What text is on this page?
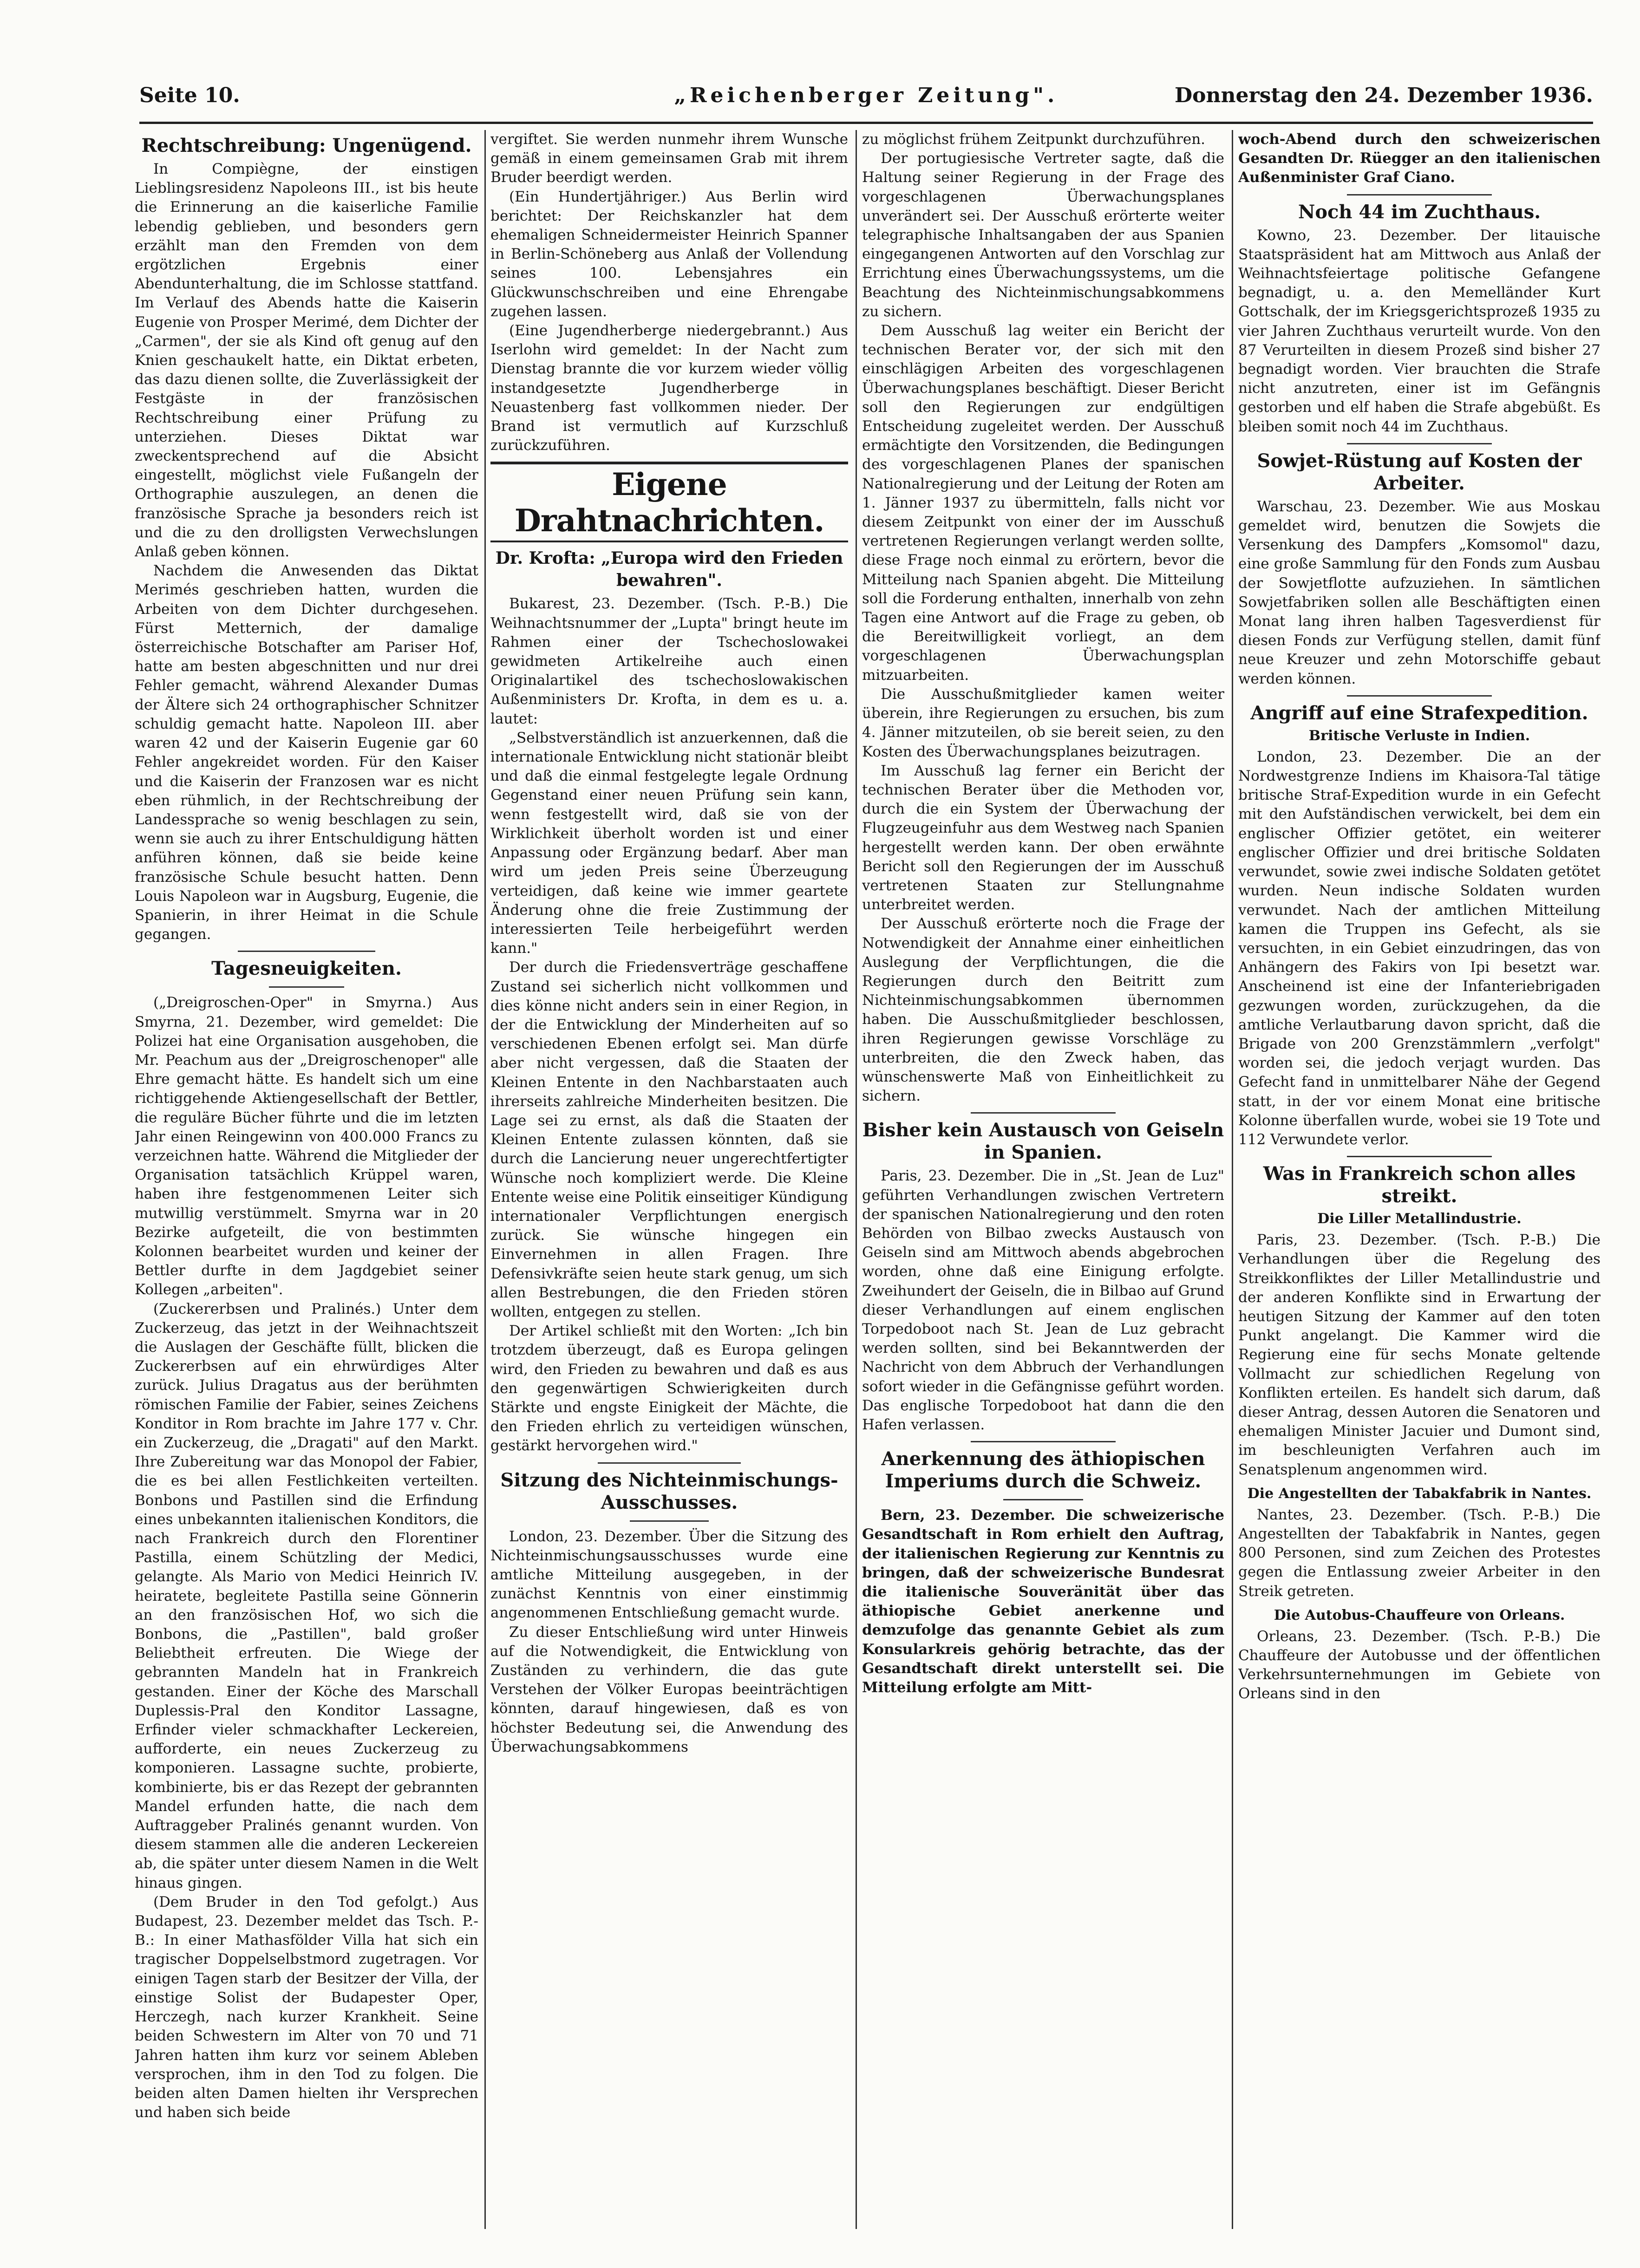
Seite 10.	„Reichenberger Zeitung".	Donnerstag den 24. Dezember 1936.
Rechtschreibung: Ungenügend.

In Compiègne, der einstigen Lieblingsresidenz Napoleons III., ist bis heute die Erinnerung an die kaiserliche Familie lebendig geblieben, und besonders gern erzählt man den Fremden von dem ergötzlichen Ergebnis einer Abendunterhaltung, die im Schlosse stattfand. Im Verlauf des Abends hatte die Kaiserin Eugenie von Prosper Merimé, dem Dichter der „Carmen", der sie als Kind oft genug auf den Knien geschaukelt hatte, ein Diktat erbeten, das dazu dienen sollte, die Zuverlässigkeit der Festgäste in der französischen Rechtschreibung einer Prüfung zu unterziehen. Dieses Diktat war zweckentsprechend auf die Absicht eingestellt, möglichst viele Fußangeln der Orthographie auszulegen, an denen die französische Sprache ja besonders reich ist und die zu den drolligsten Verwechslungen Anlaß geben können.

Nachdem die Anwesenden das Diktat Merimés geschrieben hatten, wurden die Arbeiten von dem Dichter durchgesehen. Fürst Metternich, der damalige österreichische Botschafter am Pariser Hof, hatte am besten abgeschnitten und nur drei Fehler gemacht, während Alexander Dumas der Ältere sich 24 orthographischer Schnitzer schuldig gemacht hatte. Napoleon III. aber waren 42 und der Kaiserin Eugenie gar 60 Fehler angekreidet worden. Für den Kaiser und die Kaiserin der Franzosen war es nicht eben rühmlich, in der Rechtschreibung der Landessprache so wenig beschlagen zu sein, wenn sie auch zu ihrer Entschuldigung hätten anführen können, daß sie beide keine französische Schule besucht hatten. Denn Louis Napoleon war in Augsburg, Eugenie, die Spanierin, in ihrer Heimat in die Schule gegangen.

Tagesneuigkeiten.

(„Dreigroschen-Oper" in Smyrna.) Aus Smyrna, 21. Dezember, wird gemeldet: Die Polizei hat eine Organisation ausgehoben, die Mr. Peachum aus der „Dreigroschenoper" alle Ehre gemacht hätte. Es handelt sich um eine richtiggehende Aktiengesellschaft der Bettler, die reguläre Bücher führte und die im letzten Jahr einen Reingewinn von 400.000 Francs zu verzeichnen hatte. Während die Mitglieder der Organisation tatsächlich Krüppel waren, haben ihre festgenommenen Leiter sich mutwillig verstümmelt. Smyrna war in 20 Bezirke aufgeteilt, die von bestimmten Kolonnen bearbeitet wurden und keiner der Bettler durfte in dem Jagdgebiet seiner Kollegen „arbeiten".

(Zuckererbsen und Pralinés.) Unter dem Zuckerzeug, das jetzt in der Weihnachtszeit die Auslagen der Geschäfte füllt, blicken die Zuckererbsen auf ein ehrwürdiges Alter zurück. Julius Dragatus aus der berühmten römischen Familie der Fabier, seines Zeichens Konditor in Rom brachte im Jahre 177 v. Chr. ein Zuckerzeug, die „Dragati" auf den Markt. Ihre Zubereitung war das Monopol der Fabier, die es bei allen Festlichkeiten verteilten. Bonbons und Pastillen sind die Erfindung eines unbekannten italienischen Konditors, die nach Frankreich durch den Florentiner Pastilla, einem Schützling der Medici, gelangte. Als Mario von Medici Heinrich IV. heiratete, begleitete Pastilla seine Gönnerin an den französischen Hof, wo sich die Bonbons, die „Pastillen", bald großer Beliebtheit erfreuten. Die Wiege der gebrannten Mandeln hat in Frankreich gestanden. Einer der Köche des Marschall Duplessis-Pral den Konditor Lassagne, Erfinder vieler schmackhafter Leckereien, aufforderte, ein neues Zuckerzeug zu komponieren. Lassagne suchte, probierte, kombinierte, bis er das Rezept der gebrannten Mandel erfunden hatte, die nach dem Auftraggeber Pralinés genannt wurden. Von diesem stammen alle die anderen Leckereien ab, die später unter diesem Namen in die Welt hinaus gingen.

(Dem Bruder in den Tod gefolgt.) Aus Budapest, 23. Dezember meldet das Tsch. P.-B.: In einer Mathasfölder Villa hat sich ein tragischer Doppelselbstmord zugetragen. Vor einigen Tagen starb der Besitzer der Villa, der einstige Solist der Budapester Oper, Herczegh, nach kurzer Krankheit. Seine beiden Schwestern im Alter von 70 und 71 Jahren hatten ihm kurz vor seinem Ableben versprochen, ihm in den Tod zu folgen. Die beiden alten Damen hielten ihr Versprechen und haben sich beide

vergiftet. Sie werden nunmehr ihrem Wunsche gemäß in einem gemeinsamen Grab mit ihrem Bruder beerdigt werden.

(Ein Hundertjähriger.) Aus Berlin wird berichtet: Der Reichskanzler hat dem ehemaligen Schneidermeister Heinrich Spanner in Berlin-Schöneberg aus Anlaß der Vollendung seines 100. Lebensjahres ein Glückwunschschreiben und eine Ehrengabe zugehen lassen.

(Eine Jugendherberge niedergebrannt.) Aus Iserlohn wird gemeldet: In der Nacht zum Dienstag brannte die vor kurzem wieder völlig instandgesetzte Jugendherberge in Neuastenberg fast vollkommen nieder. Der Brand ist vermutlich auf Kurzschluß zurückzuführen.

Eigene Drahtnachrichten.
Dr. Krofta: „Europa wird den Frieden bewahren".

Bukarest, 23. Dezember. (Tsch. P.-B.) Die Weihnachtsnummer der „Lupta" bringt heute im Rahmen einer der Tschechoslowakei gewidmeten Artikelreihe auch einen Originalartikel des tschechoslowakischen Außenministers Dr. Krofta, in dem es u. a. lautet:

„Selbstverständlich ist anzuerkennen, daß die internationale Entwicklung nicht stationär bleibt und daß die einmal festgelegte legale Ordnung Gegenstand einer neuen Prüfung sein kann, wenn festgestellt wird, daß sie von der Wirklichkeit überholt worden ist und einer Anpassung oder Ergänzung bedarf. Aber man wird um jeden Preis seine Überzeugung verteidigen, daß keine wie immer geartete Änderung ohne die freie Zustimmung der interessierten Teile herbeigeführt werden kann."

Der durch die Friedensverträge geschaffene Zustand sei sicherlich nicht vollkommen und dies könne nicht anders sein in einer Region, in der die Entwicklung der Minderheiten auf so verschiedenen Ebenen erfolgt sei. Man dürfe aber nicht vergessen, daß die Staaten der Kleinen Entente in den Nachbarstaaten auch ihrerseits zahlreiche Minderheiten besitzen. Die Lage sei zu ernst, als daß die Staaten der Kleinen Entente zulassen könnten, daß sie durch die Lancierung neuer ungerechtfertigter Wünsche noch kompliziert werde. Die Kleine Entente weise eine Politik einseitiger Kündigung internationaler Verpflichtungen energisch zurück. Sie wünsche hingegen ein Einvernehmen in allen Fragen. Ihre Defensivkräfte seien heute stark genug, um sich allen Bestrebungen, die den Frieden stören wollten, entgegen zu stellen.

Der Artikel schließt mit den Worten: „Ich bin trotzdem überzeugt, daß es Europa gelingen wird, den Frieden zu bewahren und daß es aus den gegenwärtigen Schwierigkeiten durch Stärkte und engste Einigkeit der Mächte, die den Frieden ehrlich zu verteidigen wünschen, gestärkt hervorgehen wird."

Sitzung des Nichteinmischungs-Ausschusses.

London, 23. Dezember. Über die Sitzung des Nichteinmischungsausschusses wurde eine amtliche Mitteilung ausgegeben, in der zunächst Kenntnis von einer einstimmig angenommenen Entschließung gemacht wurde.

Zu dieser Entschließung wird unter Hinweis auf die Notwendigkeit, die Entwicklung von Zuständen zu verhindern, die das gute Verstehen der Völker Europas beeinträchtigen könnten, darauf hingewiesen, daß es von höchster Bedeutung sei, die Anwendung des Überwachungsabkommens

zu möglichst frühem Zeitpunkt durchzuführen.

Der portugiesische Vertreter sagte, daß die Haltung seiner Regierung in der Frage des vorgeschlagenen Überwachungsplanes unverändert sei. Der Ausschuß erörterte weiter telegraphische Inhaltsangaben der aus Spanien eingegangenen Antworten auf den Vorschlag zur Errichtung eines Überwachungssystems, um die Beachtung des Nichteinmischungsabkommens zu sichern.

Dem Ausschuß lag weiter ein Bericht der technischen Berater vor, der sich mit den einschlägigen Arbeiten des vorgeschlagenen Überwachungsplanes beschäftigt. Dieser Bericht soll den Regierungen zur endgültigen Entscheidung zugeleitet werden. Der Ausschuß ermächtigte den Vorsitzenden, die Bedingungen des vorgeschlagenen Planes der spanischen Nationalregierung und der Leitung der Roten am 1. Jänner 1937 zu übermitteln, falls nicht vor diesem Zeitpunkt von einer der im Ausschuß vertretenen Regierungen verlangt werden sollte, diese Frage noch einmal zu erörtern, bevor die Mitteilung nach Spanien abgeht. Die Mitteilung soll die Forderung enthalten, innerhalb von zehn Tagen eine Antwort auf die Frage zu geben, ob die Bereitwilligkeit vorliegt, an dem vorgeschlagenen Überwachungsplan mitzuarbeiten.

Die Ausschußmitglieder kamen weiter überein, ihre Regierungen zu ersuchen, bis zum 4. Jänner mitzuteilen, ob sie bereit seien, zu den Kosten des Überwachungsplanes beizutragen.

Im Ausschuß lag ferner ein Bericht der technischen Berater über die Methoden vor, durch die ein System der Überwachung der Flugzeugeinfuhr aus dem Westweg nach Spanien hergestellt werden kann. Der oben erwähnte Bericht soll den Regierungen der im Ausschuß vertretenen Staaten zur Stellungnahme unterbreitet werden.

Der Ausschuß erörterte noch die Frage der Notwendigkeit der Annahme einer einheitlichen Auslegung der Verpflichtungen, die die Regierungen durch den Beitritt zum Nichteinmischungsabkommen übernommen haben. Die Ausschußmitglieder beschlossen, ihren Regierungen gewisse Vorschläge zu unterbreiten, die den Zweck haben, das wünschenswerte Maß von Einheitlichkeit zu sichern.

Bisher kein Austausch von Geiseln in Spanien.

Paris, 23. Dezember. Die in „St. Jean de Luz" geführten Verhandlungen zwischen Vertretern der spanischen Nationalregierung und den roten Behörden von Bilbao zwecks Austausch von Geiseln sind am Mittwoch abends abgebrochen worden, ohne daß eine Einigung erfolgte. Zweihundert der Geiseln, die in Bilbao auf Grund dieser Verhandlungen auf einem englischen Torpedoboot nach St. Jean de Luz gebracht werden sollten, sind bei Bekanntwerden der Nachricht von dem Abbruch der Verhandlungen sofort wieder in die Gefängnisse geführt worden. Das englische Torpedoboot hat dann die den Hafen verlassen.

Anerkennung des äthiopischen Imperiums durch die Schweiz.

Bern, 23. Dezember. Die schweizerische Gesandtschaft in Rom erhielt den Auftrag, der italienischen Regierung zur Kenntnis zu bringen, daß der schweizerische Bundesrat die italienische Souveränität über das äthiopische Gebiet anerkenne und demzufolge das genannte Gebiet als zum Konsularkreis gehörig betrachte, das der Gesandtschaft direkt unterstellt sei. Die Mitteilung erfolgte am Mitt-

woch-Abend durch den schweizerischen Gesandten Dr. Rüegger an den italienischen Außenminister Graf Ciano.

Noch 44 im Zuchthaus.

Kowno, 23. Dezember. Der litauische Staatspräsident hat am Mittwoch aus Anlaß der Weihnachtsfeiertage politische Gefangene begnadigt, u. a. den Memelländer Kurt Gottschalk, der im Kriegsgerichtsprozeß 1935 zu vier Jahren Zuchthaus verurteilt wurde. Von den 87 Verurteilten in diesem Prozeß sind bisher 27 begnadigt worden. Vier brauchten die Strafe nicht anzutreten, einer ist im Gefängnis gestorben und elf haben die Strafe abgebüßt. Es bleiben somit noch 44 im Zuchthaus.

Sowjet-Rüstung auf Kosten der Arbeiter.

Warschau, 23. Dezember. Wie aus Moskau gemeldet wird, benutzen die Sowjets die Versenkung des Dampfers „Komsomol" dazu, eine große Sammlung für den Fonds zum Ausbau der Sowjetflotte aufzuziehen. In sämtlichen Sowjetfabriken sollen alle Beschäftigten einen Monat lang ihren halben Tagesverdienst für diesen Fonds zur Verfügung stellen, damit fünf neue Kreuzer und zehn Motorschiffe gebaut werden können.

Angriff auf eine Strafexpedition.
Britische Verluste in Indien.

London, 23. Dezember. Die an der Nordwestgrenze Indiens im Khaisora-Tal tätige britische Straf-Expedition wurde in ein Gefecht mit den Aufständischen verwickelt, bei dem ein englischer Offizier getötet, ein weiterer englischer Offizier und drei britische Soldaten verwundet, sowie zwei indische Soldaten getötet wurden. Neun indische Soldaten wurden verwundet. Nach der amtlichen Mitteilung kamen die Truppen ins Gefecht, als sie versuchten, in ein Gebiet einzudringen, das von Anhängern des Fakirs von Ipi besetzt war. Anscheinend ist eine der Infanteriebrigaden gezwungen worden, zurückzugehen, da die amtliche Verlautbarung davon spricht, daß die Brigade von 200 Grenzstämmlern „verfolgt" worden sei, die jedoch verjagt wurden. Das Gefecht fand in unmittelbarer Nähe der Gegend statt, in der vor einem Monat eine britische Kolonne überfallen wurde, wobei sie 19 Tote und 112 Verwundete verlor.

Was in Frankreich schon alles streikt.
Die Liller Metallindustrie.

Paris, 23. Dezember. (Tsch. P.-B.) Die Verhandlungen über die Regelung des Streikkonfliktes der Liller Metallindustrie und der anderen Konflikte sind in Erwartung der heutigen Sitzung der Kammer auf den toten Punkt angelangt. Die Kammer wird die Regierung eine für sechs Monate geltende Vollmacht zur schiedlichen Regelung von Konflikten erteilen. Es handelt sich darum, daß dieser Antrag, dessen Autoren die Senatoren und ehemaligen Minister Jacuier und Dumont sind, im beschleunigten Verfahren auch im Senatsplenum angenommen wird.

Die Angestellten der Tabakfabrik in Nantes.

Nantes, 23. Dezember. (Tsch. P.-B.) Die Angestellten der Tabakfabrik in Nantes, gegen 800 Personen, sind zum Zeichen des Protestes gegen die Entlassung zweier Arbeiter in den Streik getreten.

Die Autobus-Chauffeure von Orleans.

Orleans, 23. Dezember. (Tsch. P.-B.) Die Chauffeure der Autobusse und der öffentlichen Verkehrsunternehmungen im Gebiete von Orleans sind in den
